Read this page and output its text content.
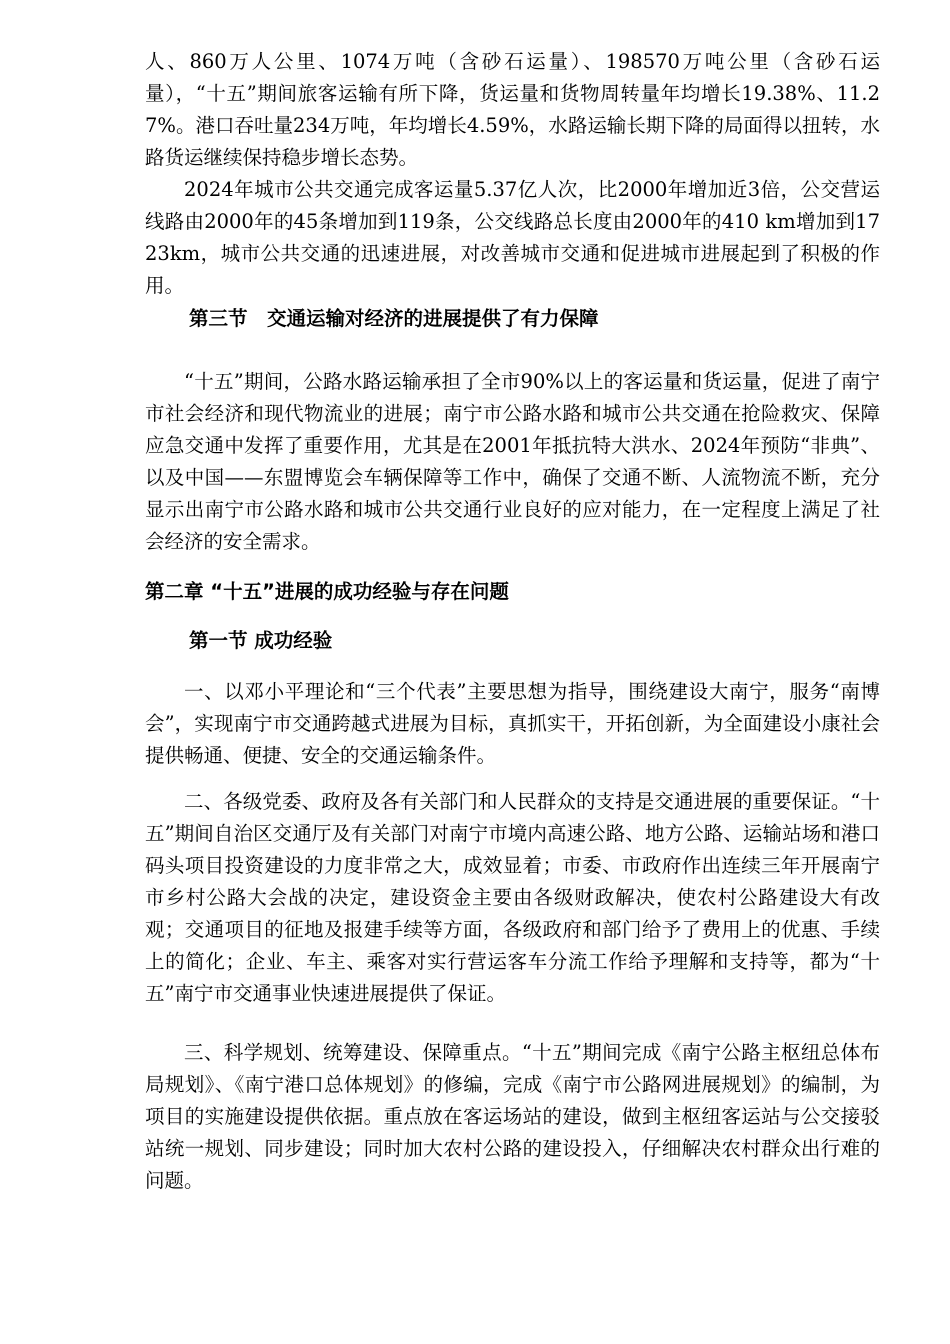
人、860万人公里、1074万吨（含砂石运量）、198570万吨公里（含砂石运量），“十五”期间旅客运输有所下降，货运量和货物周转量年均增长19.38%、11.27%。港口吞吐量234万吨，年均增长4.59%，水路运输长期下降的局面得以扭转，水路货运继续保持稳步增长态势。

2024年城市公共交通完成客运量5.37亿人次，比2000年增加近3倍，公交营运线路由2000年的45条增加到119条，公交线路总长度由2000年的410 km增加到1723km，城市公共交通的迅速进展，对改善城市交通和促进城市进展起到了积极的作用。

第三节　交通运输对经济的进展提供了有力保障

“十五”期间，公路水路运输承担了全市90%以上的客运量和货运量，促进了南宁市社会经济和现代物流业的进展；南宁市公路水路和城市公共交通在抢险救灾、保障应急交通中发挥了重要作用，尤其是在2001年抵抗特大洪水、2024年预防“非典”、以及中国——东盟博览会车辆保障等工作中，确保了交通不断、人流物流不断，充分显示出南宁市公路水路和城市公共交通行业良好的应对能力，在一定程度上满足了社会经济的安全需求。

第二章 “十五”进展的成功经验与存在问题
第一节 成功经验

一、以邓小平理论和“三个代表”主要思想为指导，围绕建设大南宁，服务“南博会”，实现南宁市交通跨越式进展为目标，真抓实干，开拓创新，为全面建设小康社会提供畅通、便捷、安全的交通运输条件。

二、各级党委、政府及各有关部门和人民群众的支持是交通进展的重要保证。“十五”期间自治区交通厅及有关部门对南宁市境内高速公路、地方公路、运输站场和港口码头项目投资建设的力度非常之大，成效显着；市委、市政府作出连续三年开展南宁市乡村公路大会战的决定，建设资金主要由各级财政解决，使农村公路建设大有改观；交通项目的征地及报建手续等方面，各级政府和部门给予了费用上的优惠、手续上的简化；企业、车主、乘客对实行营运客车分流工作给予理解和支持等，都为“十五”南宁市交通事业快速进展提供了保证。

三、科学规划、统筹建设、保障重点。“十五”期间完成《南宁公路主枢纽总体布局规划》、《南宁港口总体规划》的修编，完成《南宁市公路网进展规划》的编制，为项目的实施建设提供依据。重点放在客运场站的建设，做到主枢纽客运站与公交接驳站统一规划、同步建设；同时加大农村公路的建设投入，仔细解决农村群众出行难的问题。
